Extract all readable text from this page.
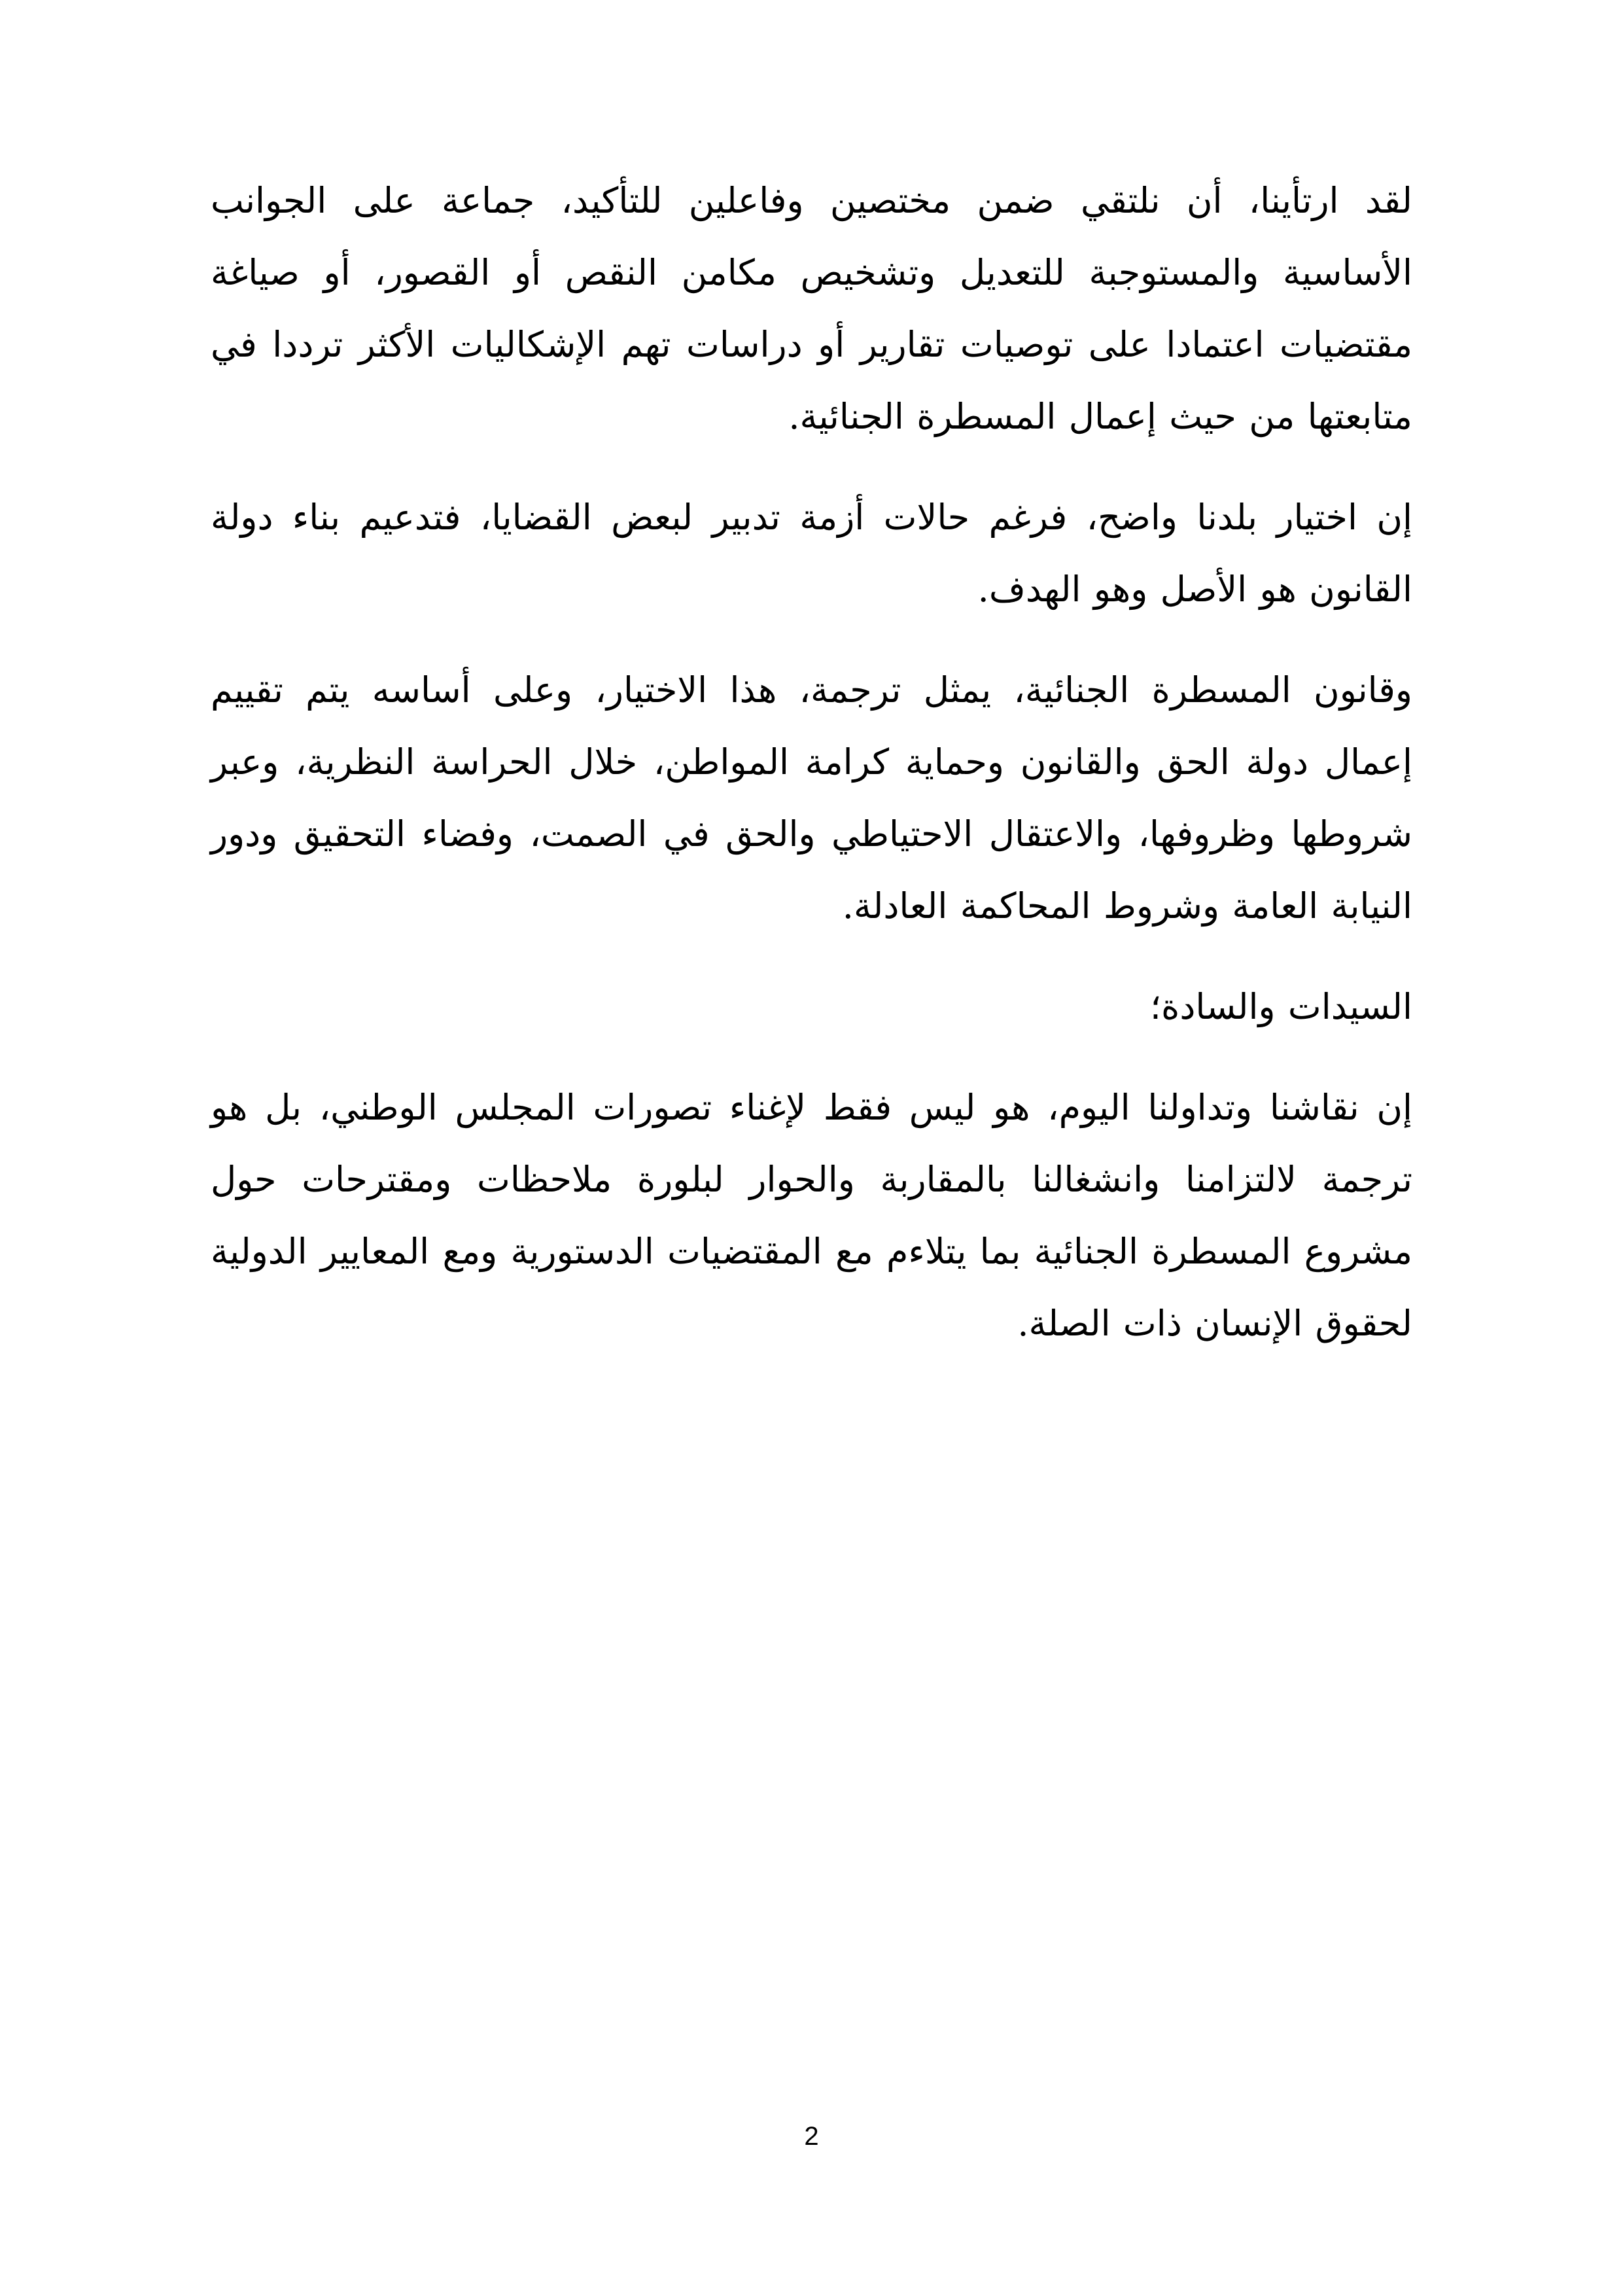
لقد ارتأينا، أن نلتقي ضمن مختصين وفاعلين للتأكيد، جماعة على الجوانب الأساسية والمستوجبة للتعديل وتشخيص مكامن النقص أو القصور، أو صياغة مقتضيات اعتمادا على توصيات تقارير أو دراسات تهم الإشكاليات الأكثر ترددا في متابعتها من حيث إعمال المسطرة الجنائية.

إن اختيار بلدنا واضح، فرغم حالات أزمة تدبير لبعض القضايا، فتدعيم بناء دولة القانون هو الأصل وهو الهدف.

وقانون المسطرة الجنائية، يمثل ترجمة، هذا الاختيار، وعلى أساسه يتم تقييم إعمال دولة الحق والقانون وحماية كرامة المواطن، خلال الحراسة النظرية، وعبر شروطها وظروفها، والاعتقال الاحتياطي والحق في الصمت، وفضاء التحقيق ودور النيابة العامة وشروط المحاكمة العادلة.

السيدات والسادة؛

إن نقاشنا وتداولنا اليوم، هو ليس فقط لإغناء تصورات المجلس الوطني، بل هو ترجمة لالتزامنا وانشغالنا بالمقاربة والحوار لبلورة ملاحظات ومقترحات حول مشروع المسطرة الجنائية بما يتلاءم مع المقتضيات الدستورية ومع المعايير الدولية لحقوق الإنسان ذات الصلة.

2
